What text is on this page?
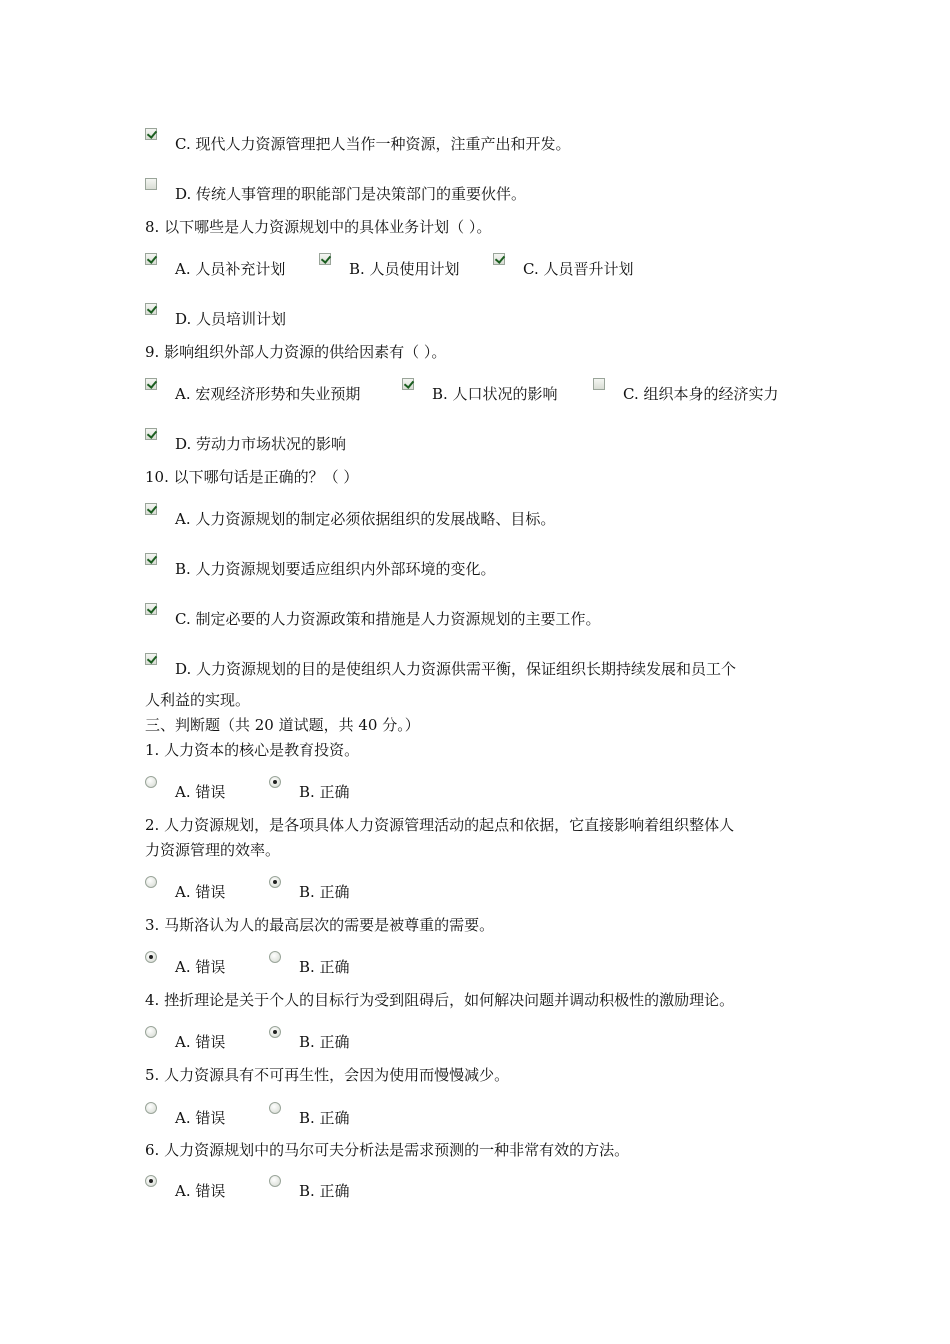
C. 现代人力资源管理把人当作一种资源，注重产出和开发。
D. 传统人事管理的职能部门是决策部门的重要伙伴。
8. 以下哪些是人力资源规划中的具体业务计划（ ）。
A. 人员补充计划	B. 人员使用计划	C. 人员晋升计划
D. 人员培训计划
9. 影响组织外部人力资源的供给因素有（ ）。
A. 宏观经济形势和失业预期	B. 人口状况的影响	C. 组织本身的经济实力
D. 劳动力市场状况的影响
10. 以下哪句话是正确的？（ ）
A. 人力资源规划的制定必须依据组织的发展战略、目标。
B. 人力资源规划要适应组织内外部环境的变化。
C. 制定必要的人力资源政策和措施是人力资源规划的主要工作。
D. 人力资源规划的目的是使组织人力资源供需平衡，保证组织长期持续发展和员工个
人利益的实现。
三、判断题（共 20 道试题，共 40 分。）
1. 人力资本的核心是教育投资。
A. 错误	B. 正确
2. 人力资源规划，是各项具体人力资源管理活动的起点和依据，它直接影响着组织整体人
力资源管理的效率。
A. 错误	B. 正确
3. 马斯洛认为人的最高层次的需要是被尊重的需要。
A. 错误	B. 正确
4. 挫折理论是关于个人的目标行为受到阻碍后，如何解决问题并调动积极性的激励理论。
A. 错误	B. 正确
5. 人力资源具有不可再生性，会因为使用而慢慢减少。
A. 错误	B. 正确
6. 人力资源规划中的马尔可夫分析法是需求预测的一种非常有效的方法。
A. 错误	B. 正确
